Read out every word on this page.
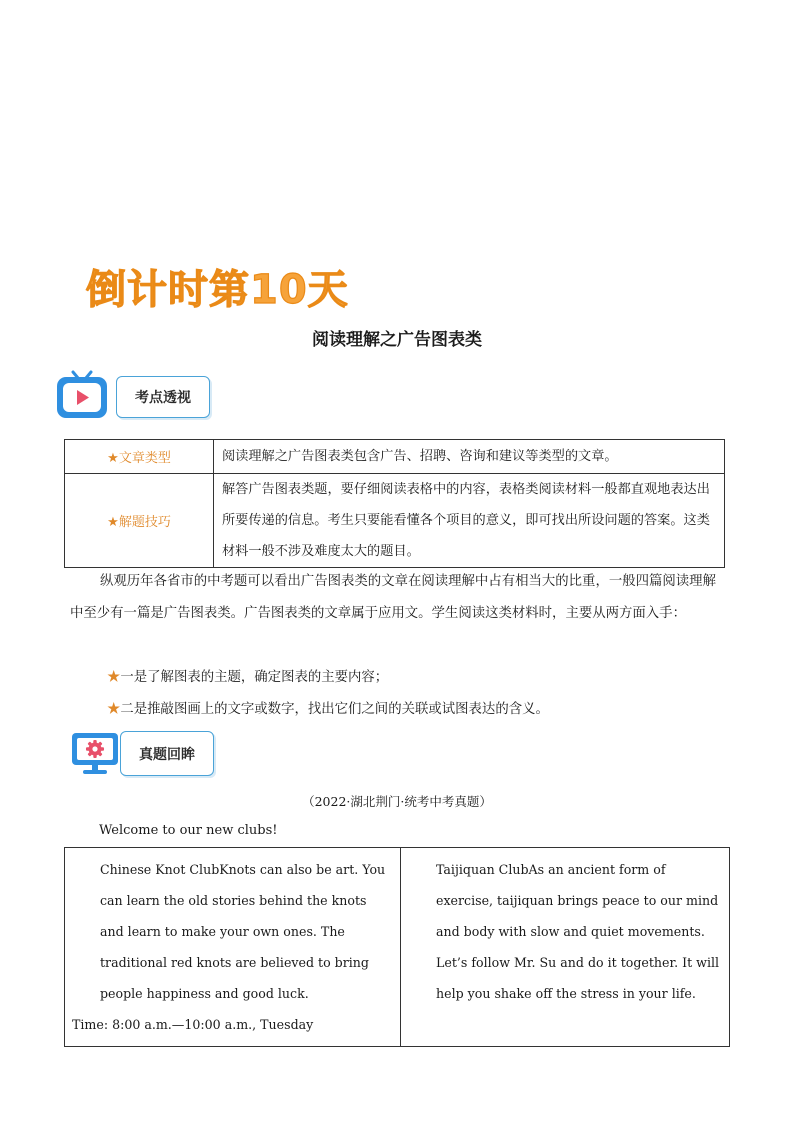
倒计时第10天
阅读理解之广告图表类
考点透视
★文章类型	阅读理解之广告图表类包含广告、招聘、咨询和建议等类型的文章。
★解题技巧	解答广告图表类题，要仔细阅读表格中的内容，表格类阅读材料一般都直观地表达出所要传递的信息。考生只要能看懂各个项目的意义，即可找出所设问题的答案。这类材料一般不涉及难度太大的题目。
纵观历年各省市的中考题可以看出广告图表类的文章在阅读理解中占有相当大的比重，一般四篇阅读理解中至少有一篇是广告图表类。广告图表类的文章属于应用文。学生阅读这类材料时，主要从两方面入手：
★一是了解图表的主题，确定图表的主要内容；
★二是推敲图画上的文字或数字，找出它们之间的关联或试图表达的含义。
真题回眸
（2022·湖北荆门·统考中考真题）
Welcome to our new clubs!
Chinese Knot ClubKnots can also be art. You can learn the old stories behind the knots and learn to make your own ones. The traditional red knots are believed to bring people happiness and good luck.
Time: 8:00 a.m.—10:00 a.m., Tuesday

Taijiquan ClubAs an ancient form of exercise, taijiquan brings peace to our mind and body with slow and quiet movements. Let’s follow Mr. Su and do it together. It will help you shake off the stress in your life.
